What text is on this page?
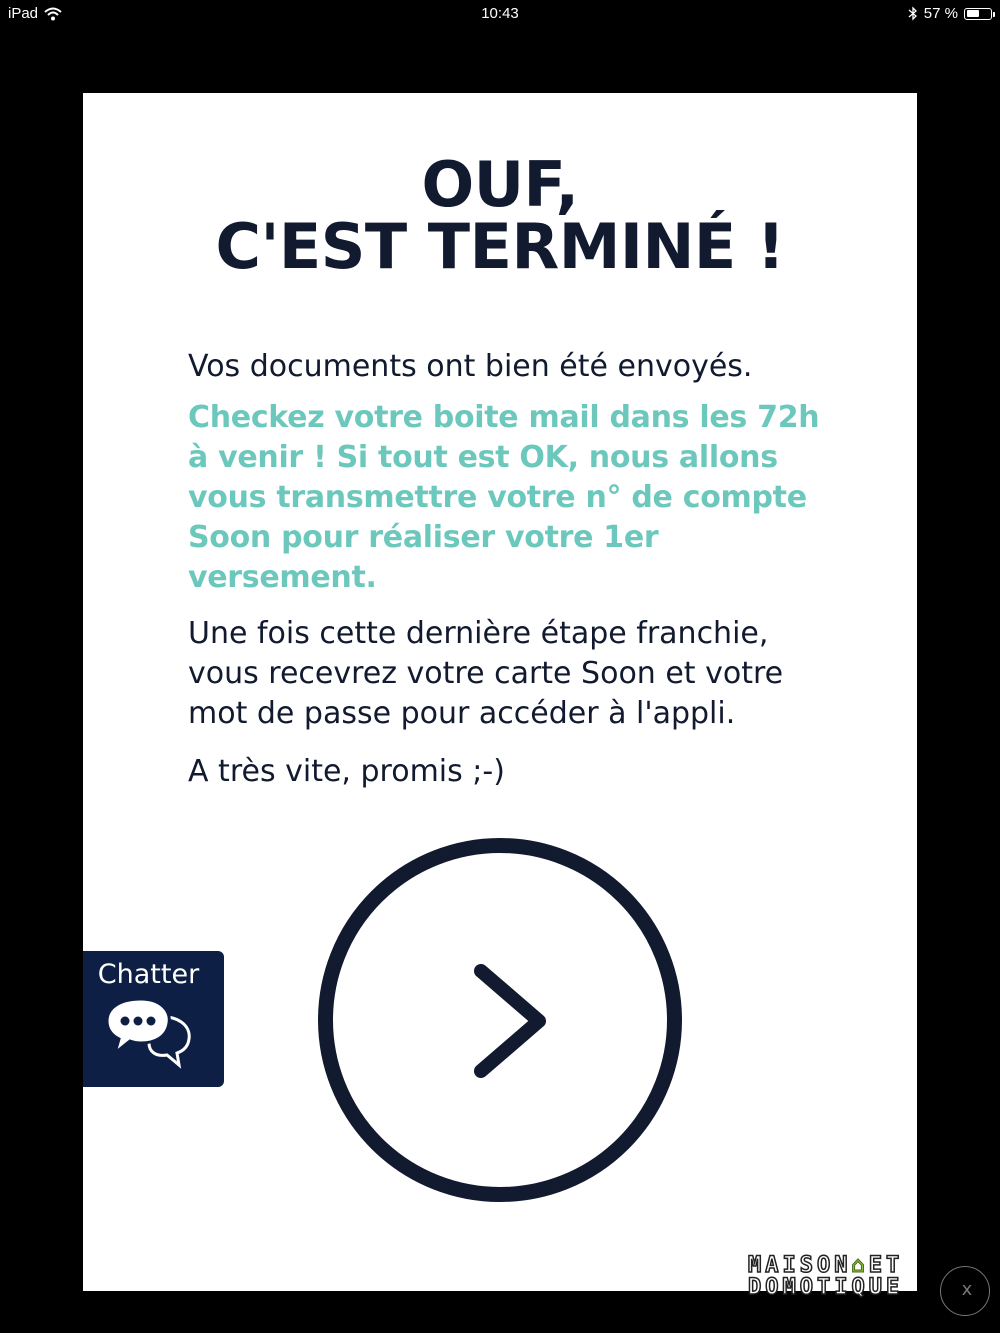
iPad	10:43	57 %
OUF,
C'EST TERMINÉ !
Vos documents ont bien été envoyés.
Checkez votre boite mail dans les 72h à venir ! Si tout est OK, nous allons vous transmettre votre n° de compte Soon pour réaliser votre 1er versement.
Une fois cette dernière étape franchie, vous recevrez votre carte Soon et votre mot de passe pour accéder à l'appli.
A très vite, promis ;-)
Chatter
MAISON⌂ET
DOMOTIQUE	x
